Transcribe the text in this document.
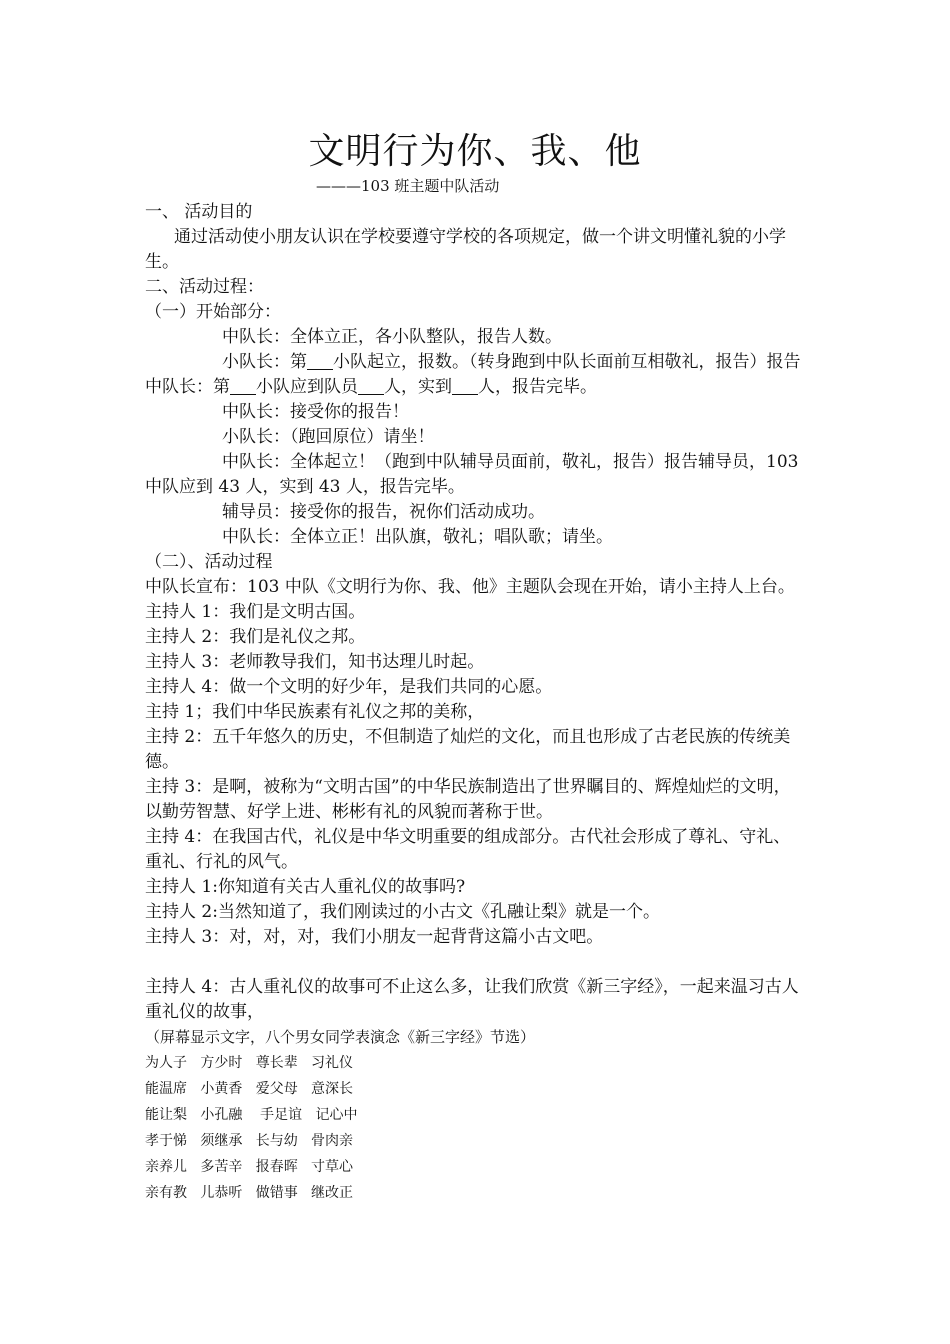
文明行为你、我、他
———103 班主题中队活动

一、 活动目的

通过活动使小朋友认识在学校要遵守学校的各项规定，做一个讲文明懂礼貌的小学生。

二、活动过程：

（一）开始部分：

中队长：全体立正，各小队整队，报告人数。

小队长：第 小队起立，报数。（转身跑到中队长面前互相敬礼，报告）报告中队长：第 小队应到队员 人，实到 人，报告完毕。

中队长：接受你的报告！

小队长：（跑回原位）请坐！

中队长：全体起立！（跑到中队辅导员面前，敬礼，报告）报告辅导员，103 中队应到 43 人，实到 43 人，报告完毕。

辅导员：接受你的报告，祝你们活动成功。

中队长：全体立正！出队旗，敬礼；唱队歌；请坐。

（二）、活动过程

中队长宣布：103 中队《文明行为你、我、他》主题队会现在开始，请小主持人上台。

主持人 1：我们是文明古国。

主持人 2：我们是礼仪之邦。

主持人 3：老师教导我们，知书达理儿时起。

主持人 4：做一个文明的好少年，是我们共同的心愿。

主持 1；我们中华民族素有礼仪之邦的美称，

主持 2：五千年悠久的历史，不但制造了灿烂的文化，而且也形成了古老民族的传统美德。

主持 3：是啊，被称为“文明古国”的中华民族制造出了世界瞩目的、辉煌灿烂的文明，以勤劳智慧、好学上进、彬彬有礼的风貌而著称于世。

主持 4：在我国古代，礼仪是中华文明重要的组成部分。古代社会形成了尊礼、守礼、重礼、行礼的风气。

主持人 1:你知道有关古人重礼仪的故事吗?

主持人 2:当然知道了，我们刚读过的小古文《孔融让梨》就是一个。

主持人 3：对，对，对，我们小朋友一起背背这篇小古文吧。

主持人 4：古人重礼仪的故事可不止这么多，让我们欣赏《新三字经》，一起来温习古人重礼仪的故事，

（屏幕显示文字，八个男女同学表演念《新三字经》节选）

为人子   方少时   尊长辈   习礼仪

能温席   小黄香   爱父母   意深长

能让梨   小孔融    手足谊   记心中

孝于悌   须继承   长与幼   骨肉亲

亲养儿   多苦辛   报春晖   寸草心

亲有教   儿恭听   做错事   继改正
